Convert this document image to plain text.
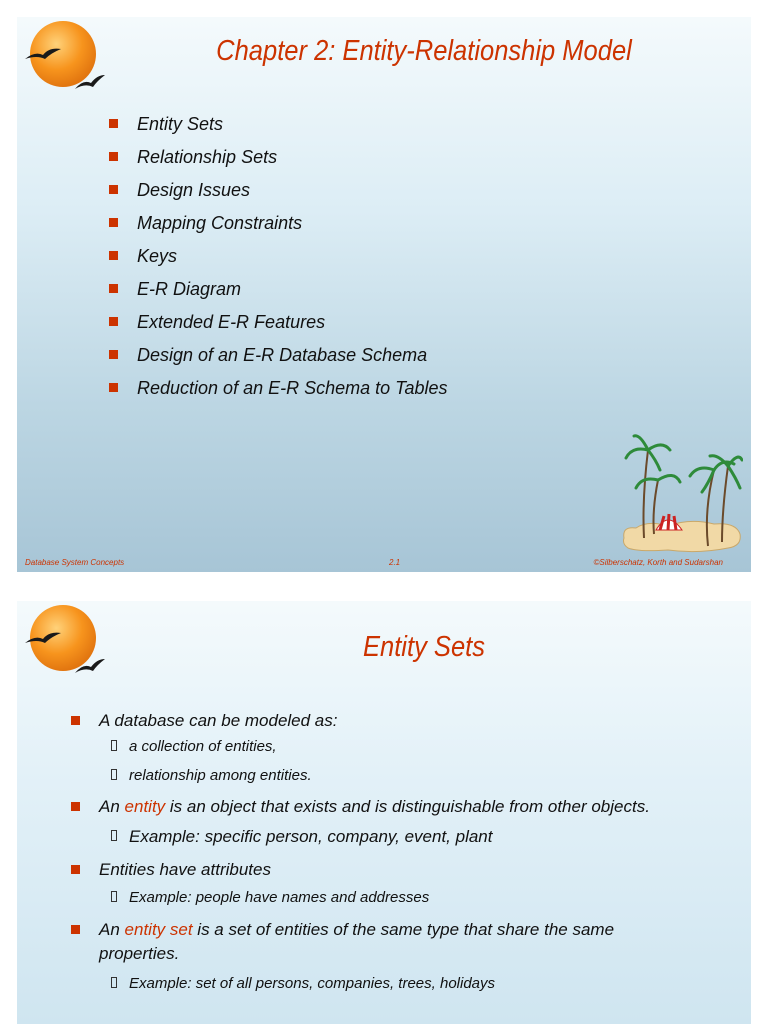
Chapter 2: Entity-Relationship Model
Entity Sets
Relationship Sets
Design Issues
Mapping Constraints
Keys
E-R Diagram
Extended E-R Features
Design of an E-R Database Schema
Reduction of an E-R Schema to Tables
Database System Concepts	2.1	©Silberschatz, Korth and Sudarshan
Entity Sets
A database can be modeled as:
a collection of entities,
relationship among entities.
An entity is an object that exists and is distinguishable from other objects.
Example: specific person, company, event, plant
Entities have attributes
Example: people have names and addresses
An entity set is a set of entities of the same type that share the same properties.
Example: set of all persons, companies, trees, holidays
